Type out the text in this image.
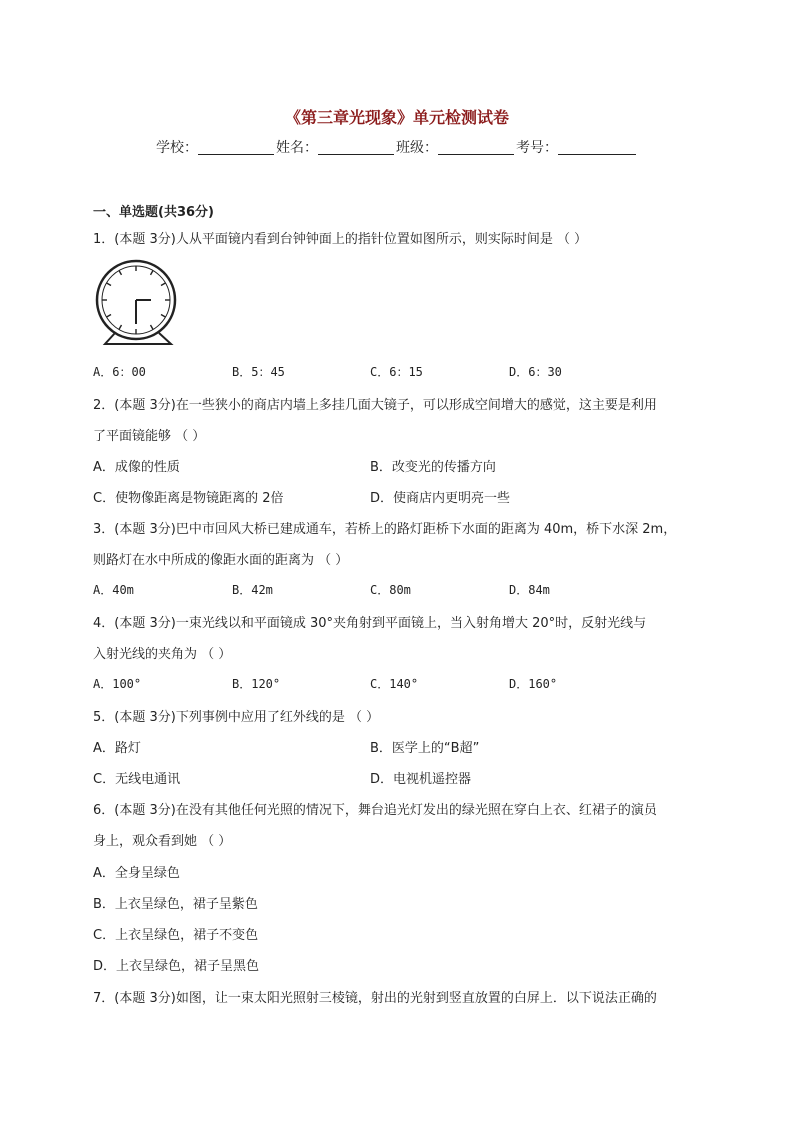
《第三章光现象》单元检测试卷
学校：	姓名：	班级：	考号：
一、单选题(共36分)
1．(本题 3分)人从平面镜内看到台钟钟面上的指针位置如图所示，则实际时间是 （ ）
A．6：00	B．5：45	C．6：15	D．6：30
2．(本题 3分)在一些狭小的商店内墙上多挂几面大镜子，可以形成空间增大的感觉，这主要是利用
了平面镜能够 （ ）
A．成像的性质	B．改变光的传播方向
C．使物像距离是物镜距离的 2倍	D．使商店内更明亮一些
3．(本题 3分)巴中市回风大桥已建成通车，若桥上的路灯距桥下水面的距离为 40m，桥下水深 2m，
则路灯在水中所成的像距水面的距离为 （ ）
A．40m	B．42m	C．80m	D．84m
4．(本题 3分)一束光线以和平面镜成 30°夹角射到平面镜上，当入射角增大 20°时，反射光线与
入射光线的夹角为 （ ）
A．100°	B．120°	C．140°	D．160°
5．(本题 3分)下列事例中应用了红外线的是 （ ）
A．路灯	B．医学上的“B超”
C．无线电通讯	D．电视机遥控器
6．(本题 3分)在没有其他任何光照的情况下，舞台追光灯发出的绿光照在穿白上衣、红裙子的演员
身上，观众看到她 （ ）
A．全身呈绿色
B．上衣呈绿色，裙子呈紫色
C．上衣呈绿色，裙子不变色
D．上衣呈绿色，裙子呈黑色
7．(本题 3分)如图，让一束太阳光照射三棱镜，射出的光射到竖直放置的白屏上．以下说法正确的
